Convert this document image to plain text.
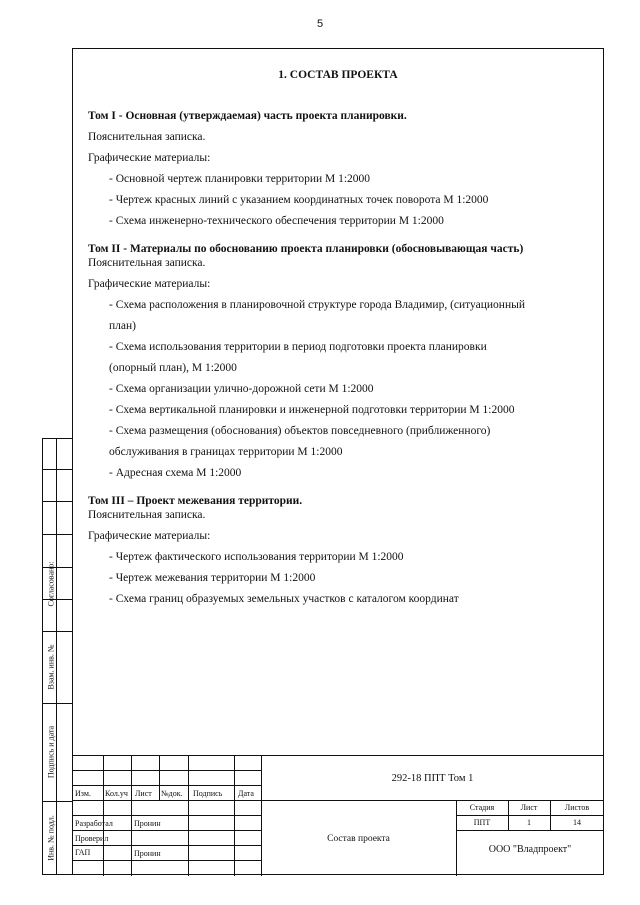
5

1. СОСТАВ ПРОЕКТА

Том I - Основная (утверждаемая) часть проекта планировки.

Пояснительная записка.

Графические материалы:

- Основной чертеж планировки территории М 1:2000

- Чертеж красных линий с указанием координатных точек поворота М 1:2000

- Схема инженерно-технического обеспечения территории М 1:2000

Том II - Материалы по обоснованию проекта планировки (обосновывающая часть)

Пояснительная записка.

Графические материалы:

- Схема расположения в планировочной структуре города Владимир, (ситуационный

план)

- Схема использования территории в период подготовки проекта планировки

(опорный план), М 1:2000

- Схема организации улично-дорожной сети М 1:2000

- Схема вертикальной планировки и инженерной подготовки территории М 1:2000

- Схема размещения (обоснования) объектов повседневного (приближенного)

обслуживания в границах территории М 1:2000

- Адресная схема М 1:2000

Том III – Проект межевания территории.

Пояснительная записка.

Графические материалы:

- Чертеж фактического использования территории М 1:2000

- Чертеж межевания территории М 1:2000

- Схема границ образуемых земельных участков с каталогом координат

Согласовано:
Взам. инв. №
Подпись и дата
Инв. № подл.
Изм. Кол.уч Лист №док. Подпись Дата
Разработал	Пронин
Проверил
ГАП	Пронин
292-18 ППТ Том 1
Состав проекта
Стадия	Лист	Листов
ППТ	1	14
ООО "Владпроект"
